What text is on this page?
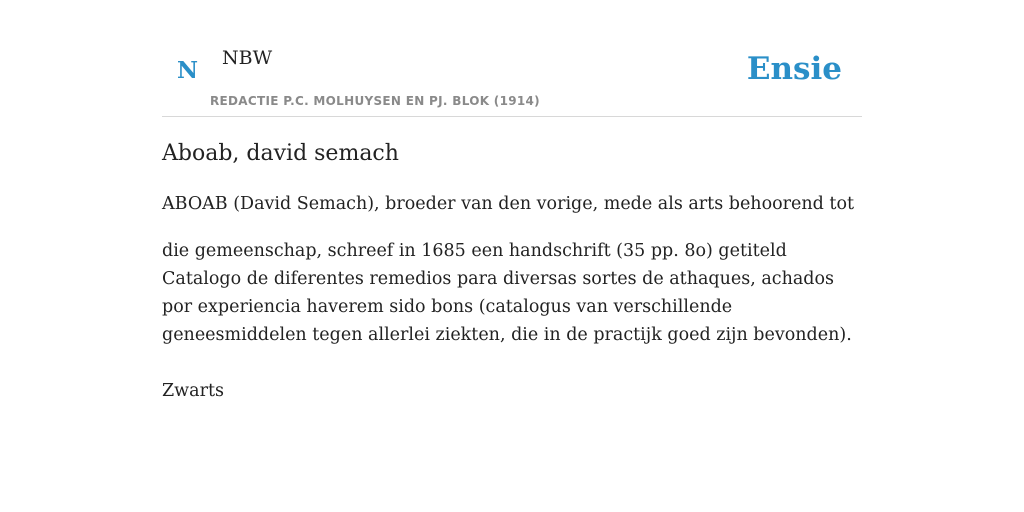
N NBW
REDACTIE P.C. MOLHUYSEN EN PJ. BLOK (1914)
Ensie
Aboab, david semach

ABOAB (David Semach), broeder van den vorige, mede als arts behoorend tot

die gemeenschap, schreef in 1685 een handschrift (35 pp. 8o) getiteld Catalogo de diferentes remedios para diversas sortes de athaques, achados por experiencia haverem sido bons (catalogus van verschillende geneesmiddelen tegen allerlei ziekten, die in de practijk goed zijn bevonden).

Zwarts
